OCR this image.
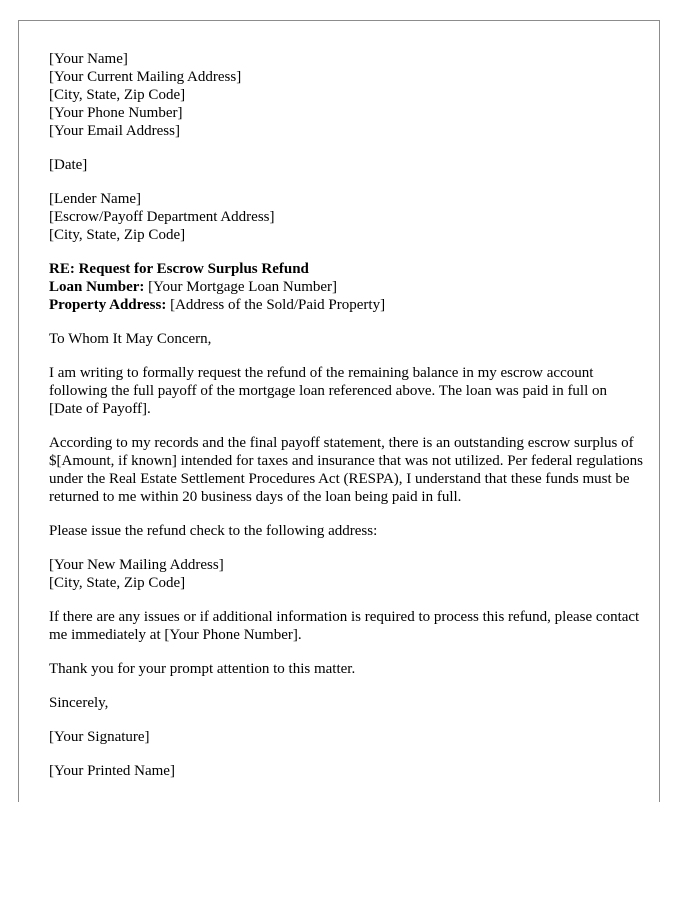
[Your Name]
[Your Current Mailing Address]
[City, State, Zip Code]
[Your Phone Number]
[Your Email Address]
[Date]
[Lender Name]
[Escrow/Payoff Department Address]
[City, State, Zip Code]
RE: Request for Escrow Surplus Refund
Loan Number: [Your Mortgage Loan Number]
Property Address: [Address of the Sold/Paid Property]

To Whom It May Concern,

I am writing to formally request the refund of the remaining balance in my escrow account following the full payoff of the mortgage loan referenced above. The loan was paid in full on [Date of Payoff].

According to my records and the final payoff statement, there is an outstanding escrow surplus of $[Amount, if known] intended for taxes and insurance that was not utilized. Per federal regulations under the Real Estate Settlement Procedures Act (RESPA), I understand that these funds must be returned to me within 20 business days of the loan being paid in full.

Please issue the refund check to the following address:

[Your New Mailing Address]
[City, State, Zip Code]

If there are any issues or if additional information is required to process this refund, please contact me immediately at [Your Phone Number].

Thank you for your prompt attention to this matter.

Sincerely,

[Your Signature]

[Your Printed Name]
